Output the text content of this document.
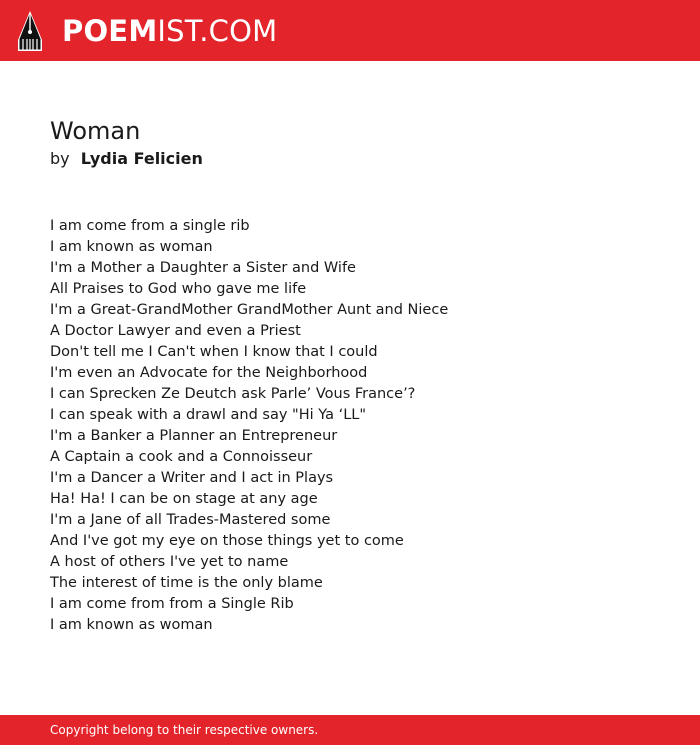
POEMIST.COM
Woman
by Lydia Felicien
I am come from a single rib
I am known as woman
I'm a Mother a Daughter a Sister and Wife
All Praises to God who gave me life
I'm a Great-GrandMother GrandMother Aunt and Niece
A Doctor Lawyer and even a Priest
Don't tell me I Can't when I know that I could
I'm even an Advocate for the Neighborhood
I can Sprecken Ze Deutch ask Parle’ Vous France’?
I can speak with a drawl and say "Hi Ya ‘LL"
I'm a Banker a Planner an Entrepreneur
A Captain a cook and a Connoisseur
I'm a Dancer a Writer and I act in Plays
Ha! Ha! I can be on stage at any age
I'm a Jane of all Trades-Mastered some
And I've got my eye on those things yet to come
A host of others I've yet to name
The interest of time is the only blame
I am come from from a Single Rib
I am known as woman
Copyright belong to their respective owners.
